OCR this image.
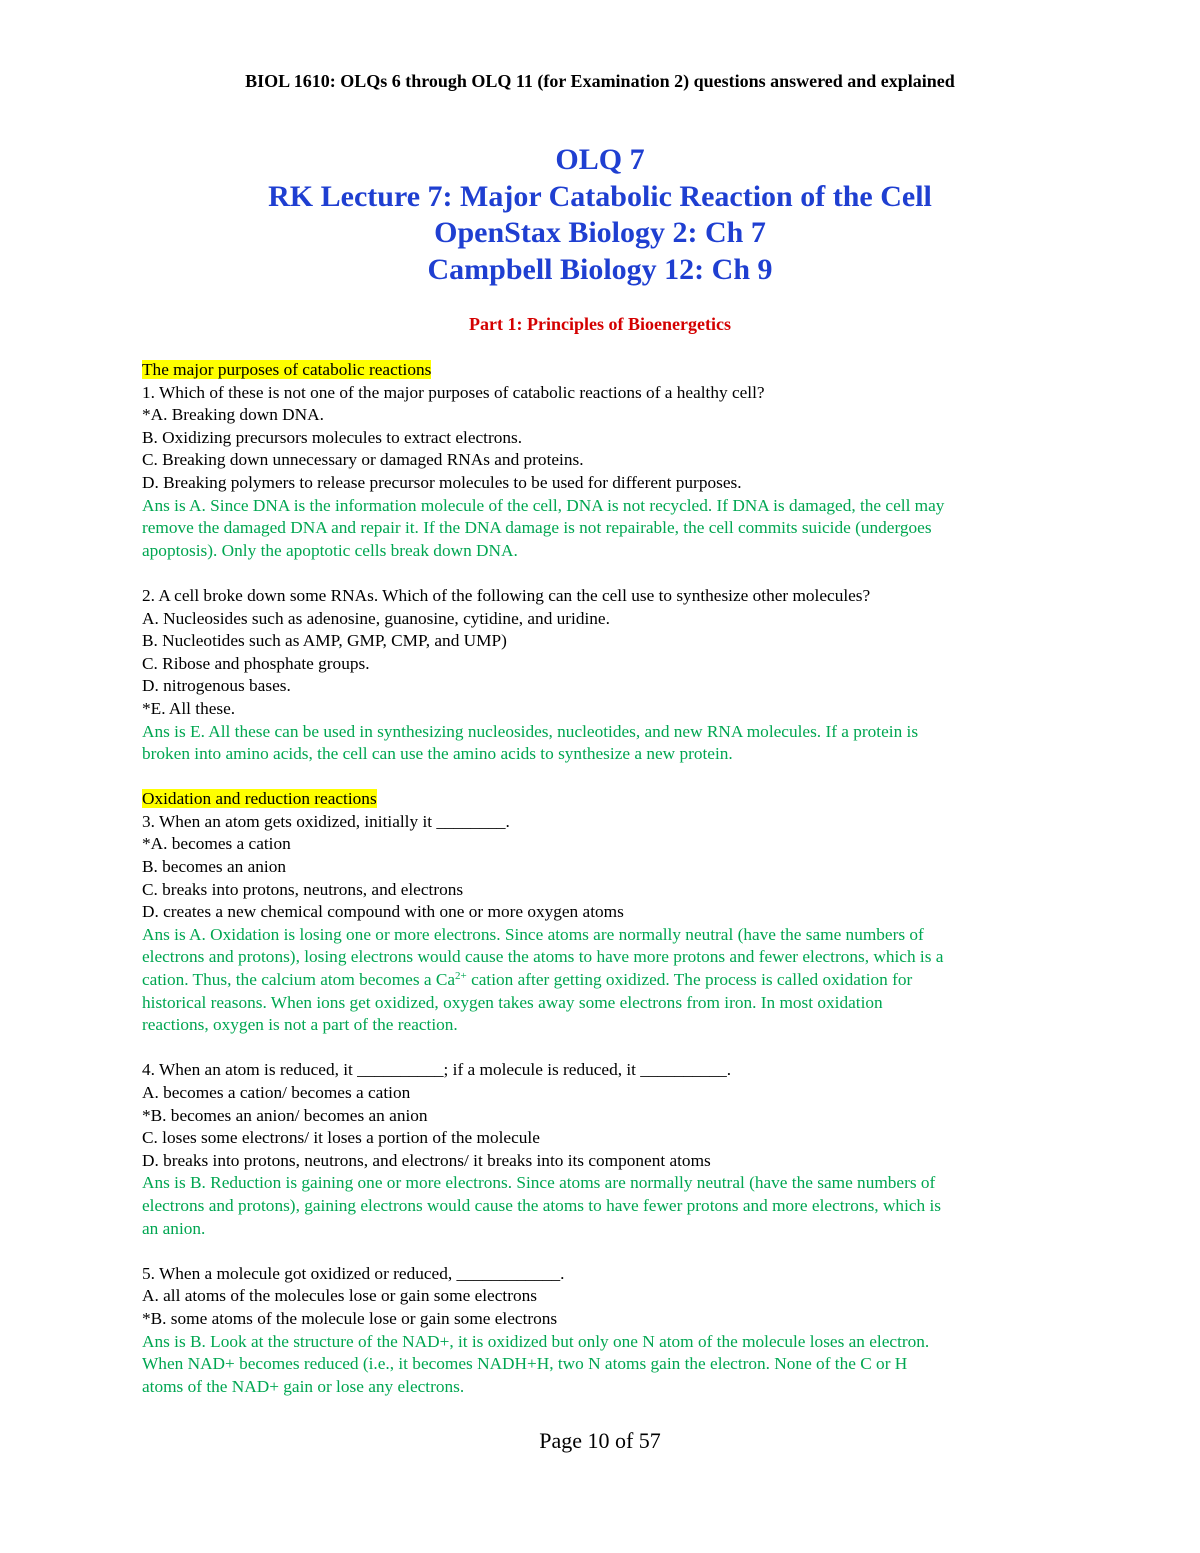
BIOL 1610: OLQs 6 through OLQ 11 (for Examination 2) questions answered and explained
OLQ 7
RK Lecture 7: Major Catabolic Reaction of the Cell
OpenStax Biology 2: Ch 7
Campbell Biology 12: Ch 9
Part 1: Principles of Bioenergetics
The major purposes of catabolic reactions
1. Which of these is not one of the major purposes of catabolic reactions of a healthy cell?
*A. Breaking down DNA.
B. Oxidizing precursors molecules to extract electrons.
C. Breaking down unnecessary or damaged RNAs and proteins.
D. Breaking polymers to release precursor molecules to be used for different purposes.
Ans is A. Since DNA is the information molecule of the cell, DNA is not recycled. If DNA is damaged, the cell may
remove the damaged DNA and repair it. If the DNA damage is not repairable, the cell commits suicide (undergoes
apoptosis). Only the apoptotic cells break down DNA.
2. A cell broke down some RNAs. Which of the following can the cell use to synthesize other molecules?
A. Nucleosides such as adenosine, guanosine, cytidine, and uridine.
B. Nucleotides such as AMP, GMP, CMP, and UMP)
C. Ribose and phosphate groups.
D. nitrogenous bases.
*E. All these.
Ans is E. All these can be used in synthesizing nucleosides, nucleotides, and new RNA molecules. If a protein is
broken into amino acids, the cell can use the amino acids to synthesize a new protein.
Oxidation and reduction reactions
3. When an atom gets oxidized, initially it ________.
*A. becomes a cation
B. becomes an anion
C. breaks into protons, neutrons, and electrons
D. creates a new chemical compound with one or more oxygen atoms
Ans is A. Oxidation is losing one or more electrons. Since atoms are normally neutral (have the same numbers of
electrons and protons), losing electrons would cause the atoms to have more protons and fewer electrons, which is a
cation. Thus, the calcium atom becomes a $Ca^{2+}$ cation after getting oxidized. The process is called oxidation for
historical reasons. When ions get oxidized, oxygen takes away some electrons from iron. In most oxidation
reactions, oxygen is not a part of the reaction.
4. When an atom is reduced, it __________; if a molecule is reduced, it __________.
A. becomes a cation/ becomes a cation
*B. becomes an anion/ becomes an anion
C. loses some electrons/ it loses a portion of the molecule
D. breaks into protons, neutrons, and electrons/ it breaks into its component atoms
Ans is B. Reduction is gaining one or more electrons. Since atoms are normally neutral (have the same numbers of
electrons and protons), gaining electrons would cause the atoms to have fewer protons and more electrons, which is
an anion.
5. When a molecule got oxidized or reduced, ____________.
A. all atoms of the molecules lose or gain some electrons
*B. some atoms of the molecule lose or gain some electrons
Ans is B. Look at the structure of the NAD+, it is oxidized but only one N atom of the molecule loses an electron.
When NAD+ becomes reduced (i.e., it becomes NADH+H, two N atoms gain the electron. None of the C or H
atoms of the NAD+ gain or lose any electrons.
Page 10 of 57
